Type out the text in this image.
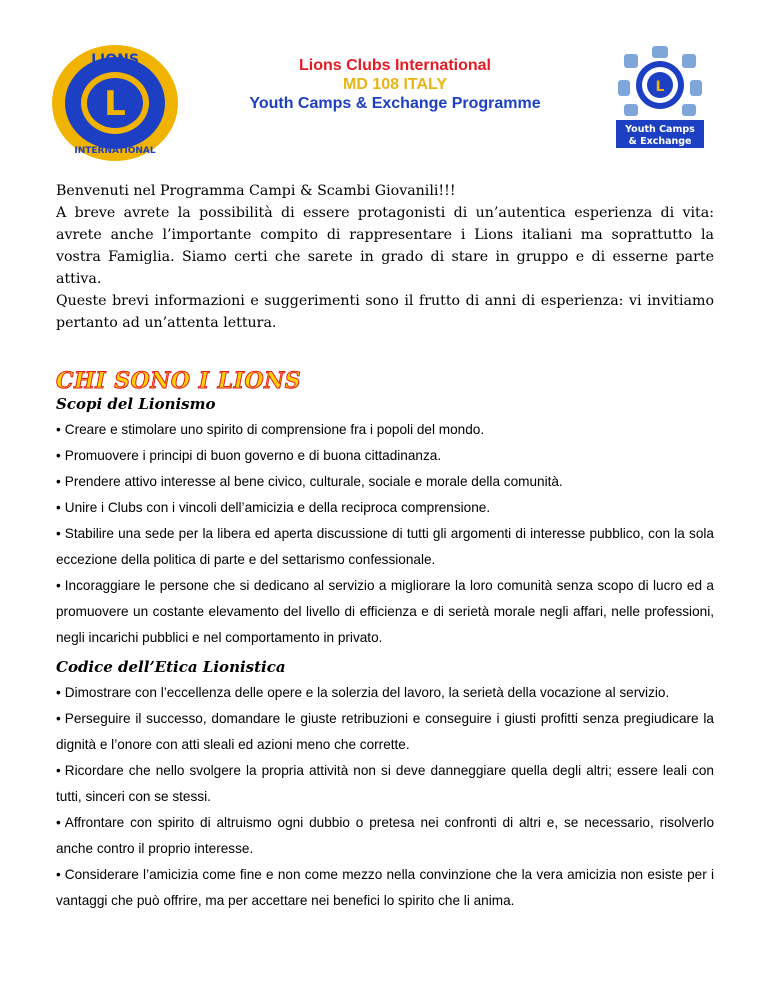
LIONS
INTERNATIONAL
L
Lions Clubs International
MD 108 ITALY
Youth Camps & Exchange Programme
L
Youth Camps
& Exchange

Benvenuti nel Programma Campi & Scambi Giovanili!!!

A breve avrete la possibilità di essere protagonisti di un’autentica esperienza di vita: avrete anche l’importante compito di rappresentare i Lions italiani ma soprattutto la vostra Famiglia. Siamo certi che sarete in grado di stare in gruppo e di esserne parte attiva.

Queste brevi informazioni e suggerimenti sono il frutto di anni di esperienza: vi invitiamo pertanto ad un’attenta lettura.

CHI SONO I LIONS
Scopi del Lionismo
• Creare e stimolare uno spirito di comprensione fra i popoli del mondo.
• Promuovere i principi di buon governo e di buona cittadinanza.
• Prendere attivo interesse al bene civico, culturale, sociale e morale della comunità.
• Unire i Clubs con i vincoli dell’amicizia e della reciproca comprensione.
• Stabilire una sede per la libera ed aperta discussione di tutti gli argomenti di interesse pubblico, con la sola eccezione della politica di parte e del settarismo confessionale.
• Incoraggiare le persone che si dedicano al servizio a migliorare la loro comunità senza scopo di lucro ed a promuovere un costante elevamento del livello di efficienza e di serietà morale negli affari, nelle professioni, negli incarichi pubblici e nel comportamento in privato.
Codice dell’Etica Lionistica
• Dimostrare con l’eccellenza delle opere e la solerzia del lavoro, la serietà della vocazione al servizio.
• Perseguire il successo, domandare le giuste retribuzioni e conseguire i giusti profitti senza pregiudicare la dignità e l’onore con atti sleali ed azioni meno che corrette.
• Ricordare che nello svolgere la propria attività non si deve danneggiare quella degli altri; essere leali con tutti, sinceri con se stessi.
• Affrontare con spirito di altruismo ogni dubbio o pretesa nei confronti di altri e, se necessario, risolverlo anche contro il proprio interesse.
• Considerare l’amicizia come fine e non come mezzo nella convinzione che la vera amicizia non esiste per i vantaggi che può offrire, ma per accettare nei benefici lo spirito che li anima.
